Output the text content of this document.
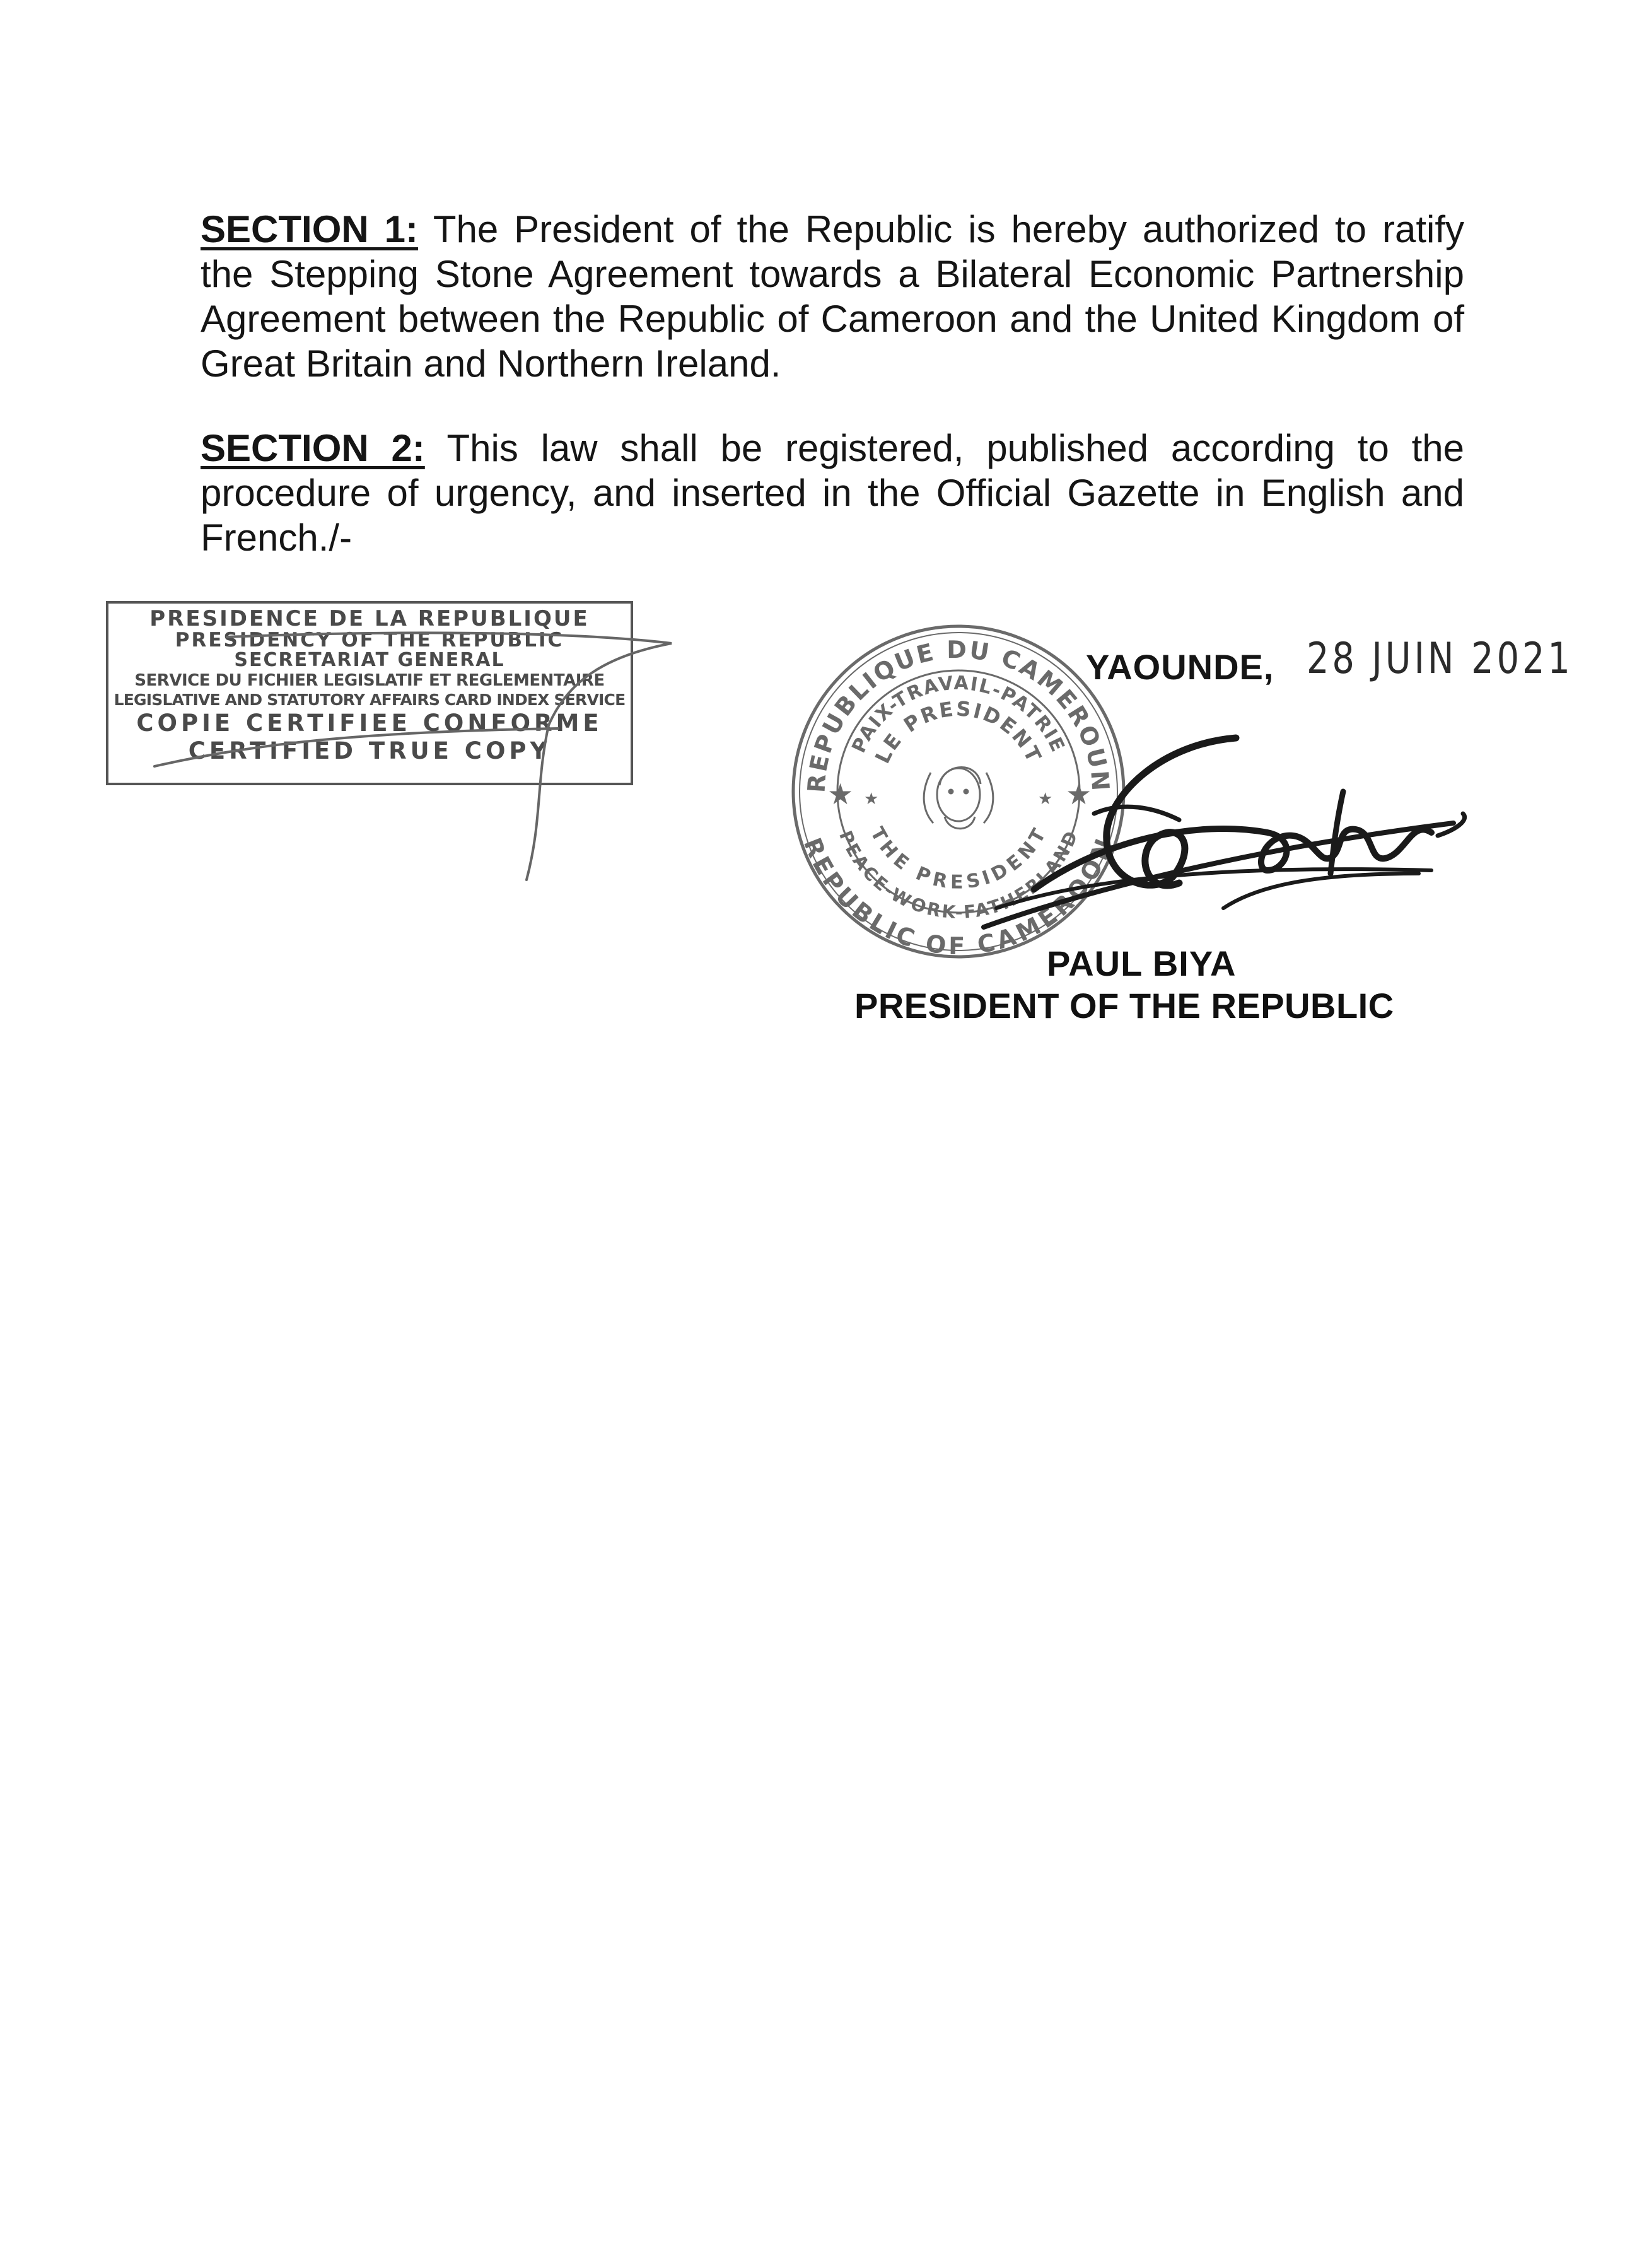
SECTION 1: The President of the Republic is hereby authorized to ratify the Stepping Stone Agreement towards a Bilateral Economic Partnership Agreement between the Republic of Cameroon and the United Kingdom of Great Britain and Northern Ireland.

SECTION 2: This law shall be registered, published according to the procedure of urgency, and inserted in the Official Gazette in English and French./-

PRESIDENCE DE LA REPUBLIQUE
PRESIDENCY OF THE REPUBLIC
SECRETARIAT GENERAL
SERVICE DU FICHIER LEGISLATIF ET REGLEMENTAIRE
LEGISLATIVE AND STATUTORY AFFAIRS CARD INDEX SERVICE
COPIE CERTIFIEE CONFORME
CERTIFIED TRUE COPY
REPUBLIQUE DU CAMEROUN
PAIX-TRAVAIL-PATRIE
LE PRESIDENT
REPUBLIC OF CAMEROON
PEACE-WORK-FATHERLAND
THE PRESIDENT
★	★
★	★
YAOUNDE, 28 JUIN 2021
PAUL BIYA
PRESIDENT OF THE REPUBLIC
